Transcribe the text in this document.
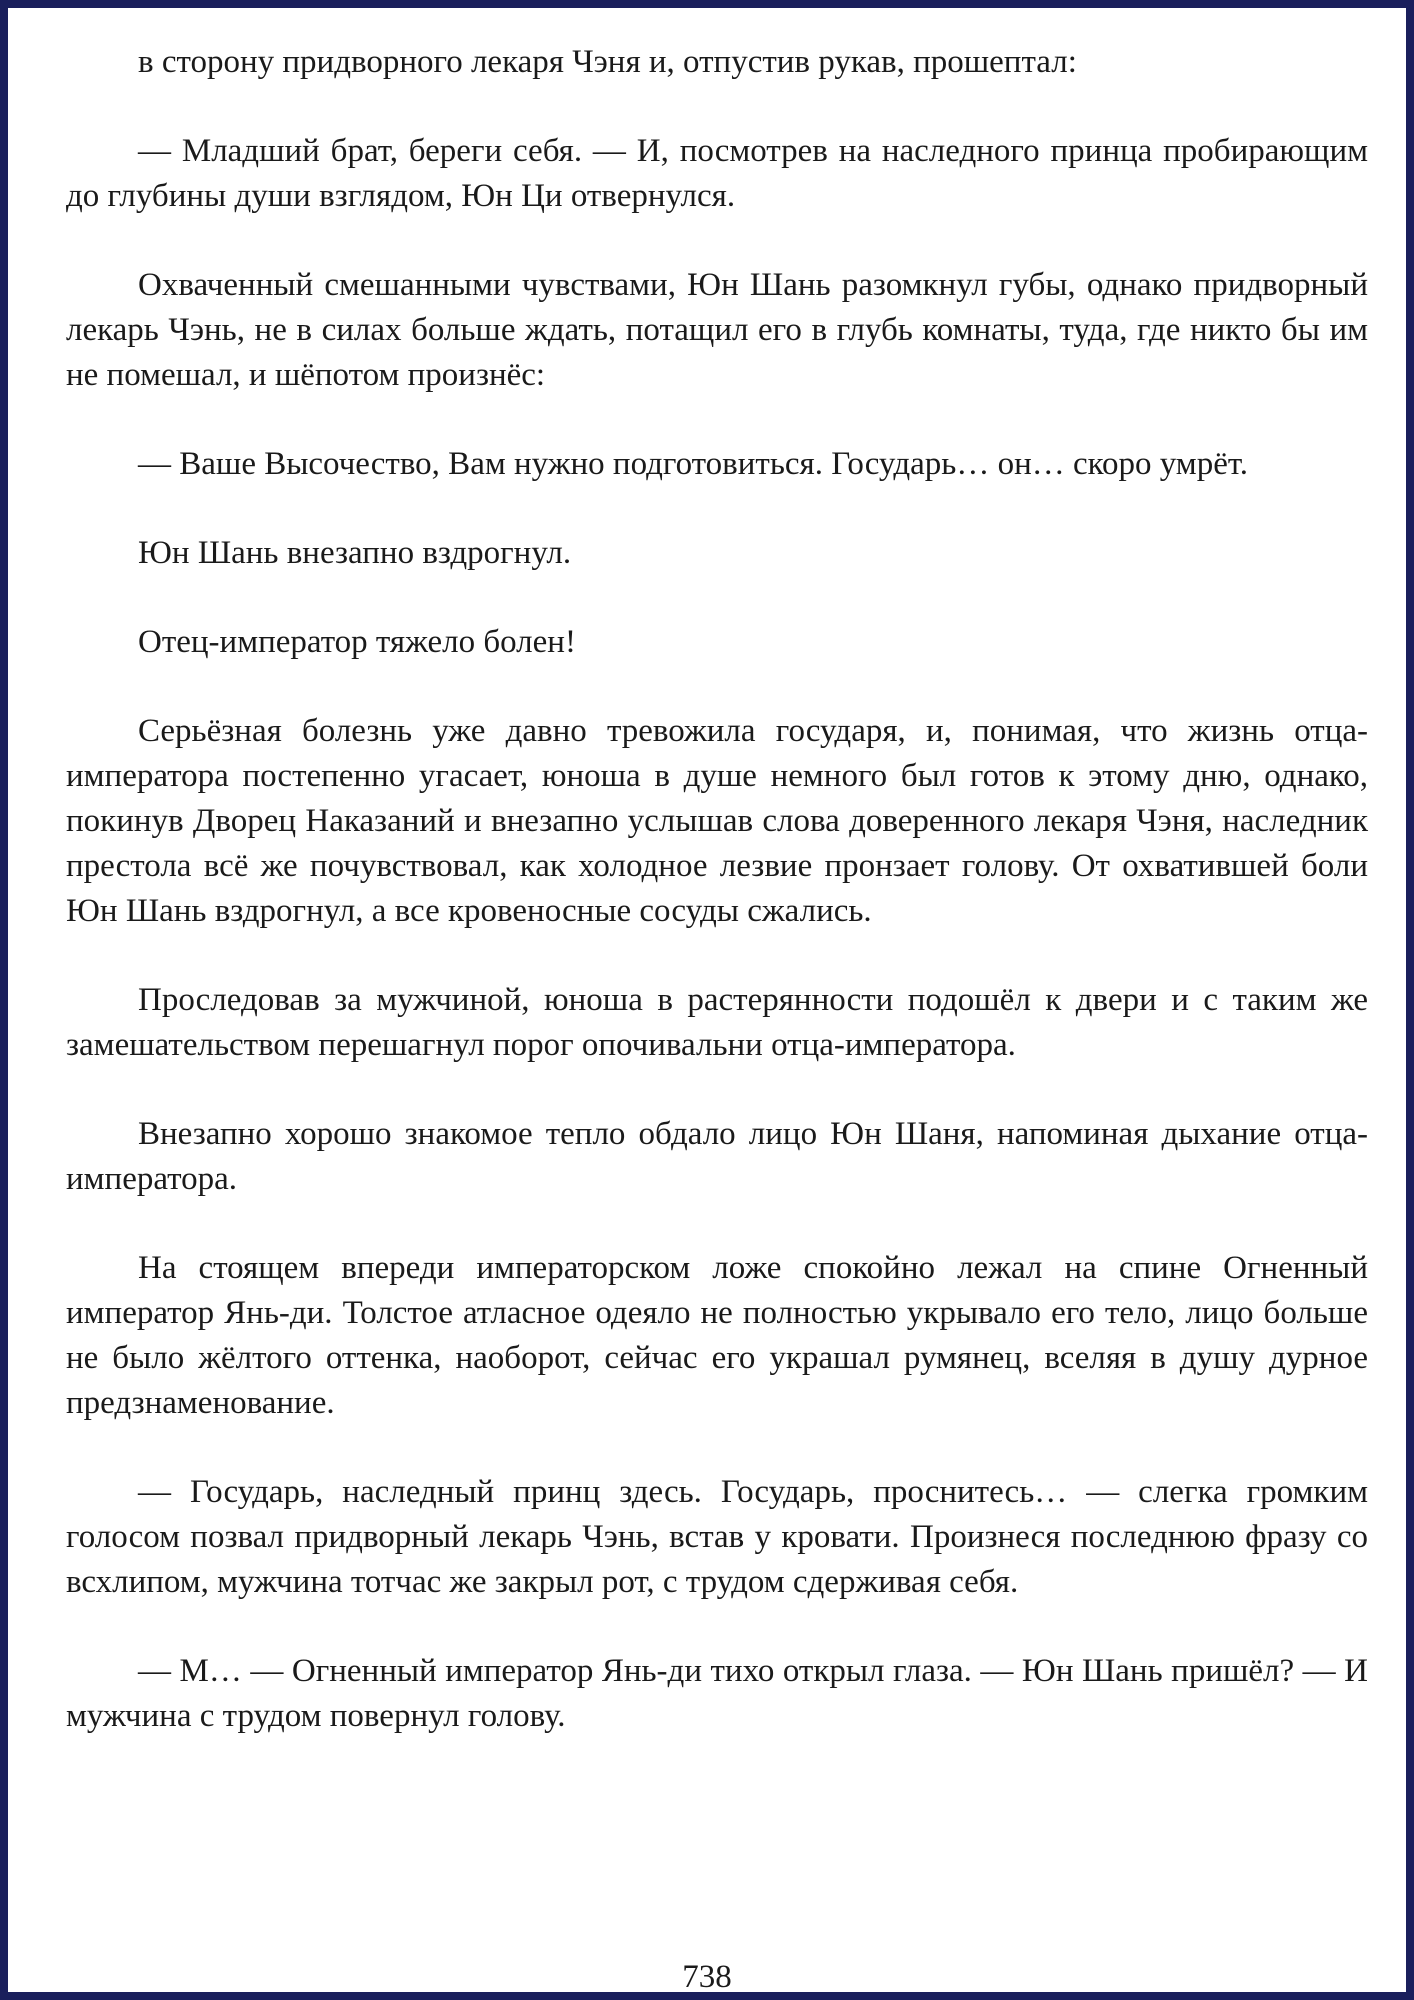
в сторону придворного лекаря Чэня и, отпустив рукав, прошептал:

— Младший брат, береги себя. — И, посмотрев на наследного принца пробирающим до глубины души взглядом, Юн Ци отвернулся.

Охваченный смешанными чувствами, Юн Шань разомкнул губы, однако придворный лекарь Чэнь, не в силах больше ждать, потащил его в глубь комнаты, туда, где никто бы им не помешал, и шёпотом произнёс:

— Ваше Высочество, Вам нужно подготовиться. Государь… он… скоро умрёт.

Юн Шань внезапно вздрогнул.

Отец-император тяжело болен!

Серьёзная болезнь уже давно тревожила государя, и, понимая, что жизнь отца-императора постепенно угасает, юноша в душе немного был готов к этому дню, однако, покинув Дворец Наказаний и внезапно услышав слова доверенного лекаря Чэня, наследник престола всё же почувствовал, как холодное лезвие пронзает голову. От охватившей боли Юн Шань вздрогнул, а все кровеносные сосуды сжались.

Проследовав за мужчиной, юноша в растерянности подошёл к двери и с таким же замешательством перешагнул порог опочивальни отца-императора.

Внезапно хорошо знакомое тепло обдало лицо Юн Шаня, напоминая дыхание отца-императора.

На стоящем впереди императорском ложе спокойно лежал на спине Огненный император Янь-ди. Толстое атласное одеяло не полностью укрывало его тело, лицо больше не было жёлтого оттенка, наоборот, сейчас его украшал румянец, вселяя в душу дурное предзнаменование.

— Государь, наследный принц здесь. Государь, проснитесь… — слегка громким голосом позвал придворный лекарь Чэнь, встав у кровати. Произнеся последнюю фразу со всхлипом, мужчина тотчас же закрыл рот, с трудом сдерживая себя.

— М… — Огненный император Янь-ди тихо открыл глаза. — Юн Шань пришёл? — И мужчина с трудом повернул голову.

738
